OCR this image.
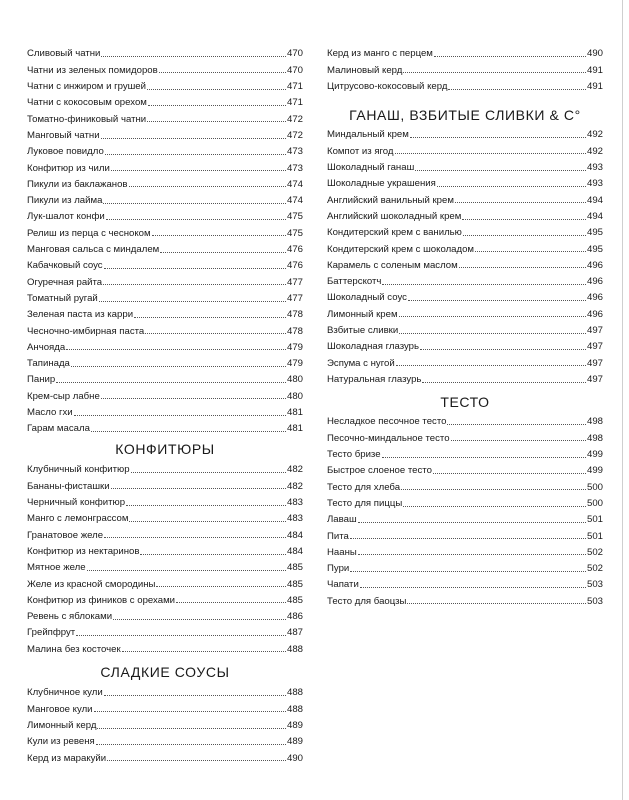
Сливовый чатни	470
Чатни из зеленых помидоров	470
Чатни с инжиром и грушей	471
Чатни с кокосовым орехом	471
Томатно-финиковый чатни	472
Манговый чатни	472
Луковое повидло	473
Конфитюр из чили	473
Пикули из баклажанов	474
Пикули из лайма	474
Лук-шалот конфи	475
Релиш из перца с чесноком	475
Манговая сальса с миндалем	476
Кабачковый соус	476
Огуречная райта	477
Томатный ругай	477
Зеленая паста из карри	478
Чесночно-имбирная паста	478
Анчояда	479
Тапинада	479
Панир	480
Крем-сыр лабне	480
Масло гхи	481
Гарам масала	481
КОНФИТЮРЫ
Клубничный конфитюр	482
Бананы-фисташки	482
Черничный конфитюр	483
Манго с лемонграссом	483
Гранатовое желе	484
Конфитюр из нектаринов	484
Мятное желе	485
Желе из красной смородины	485
Конфитюр из фиников с орехами	485
Ревень с яблоками	486
Грейпфрут	487
Малина без косточек	488
СЛАДКИЕ СОУСЫ
Клубничное кули	488
Манговое кули	488
Лимонный керд	489
Кули из ревеня	489
Керд из маракуйи	490
Керд из манго с перцем	490
Малиновый керд	491
Цитрусово-кокосовый керд	491
ГАНАШ, ВЗБИТЫЕ СЛИВКИ & С°
Миндальный крем	492
Компот из ягод	492
Шоколадный ганаш	493
Шоколадные украшения	493
Английский ванильный крем	494
Английский шоколадный крем	494
Кондитерский крем с ванилью	495
Кондитерский крем с шоколадом	495
Карамель с соленым маслом	496
Баттерскотч	496
Шоколадный соус	496
Лимонный крем	496
Взбитые сливки	497
Шоколадная глазурь	497
Эспума с нугой	497
Натуральная глазурь	497
ТЕСТО
Несладкое песочное тесто	498
Песочно-миндальное тесто	498
Тесто бризе	499
Быстрое слоеное тесто	499
Тесто для хлеба	500
Тесто для пиццы	500
Лаваш	501
Пита	501
Нааны	502
Пури	502
Чапати	503
Тесто для баоцзы	503
